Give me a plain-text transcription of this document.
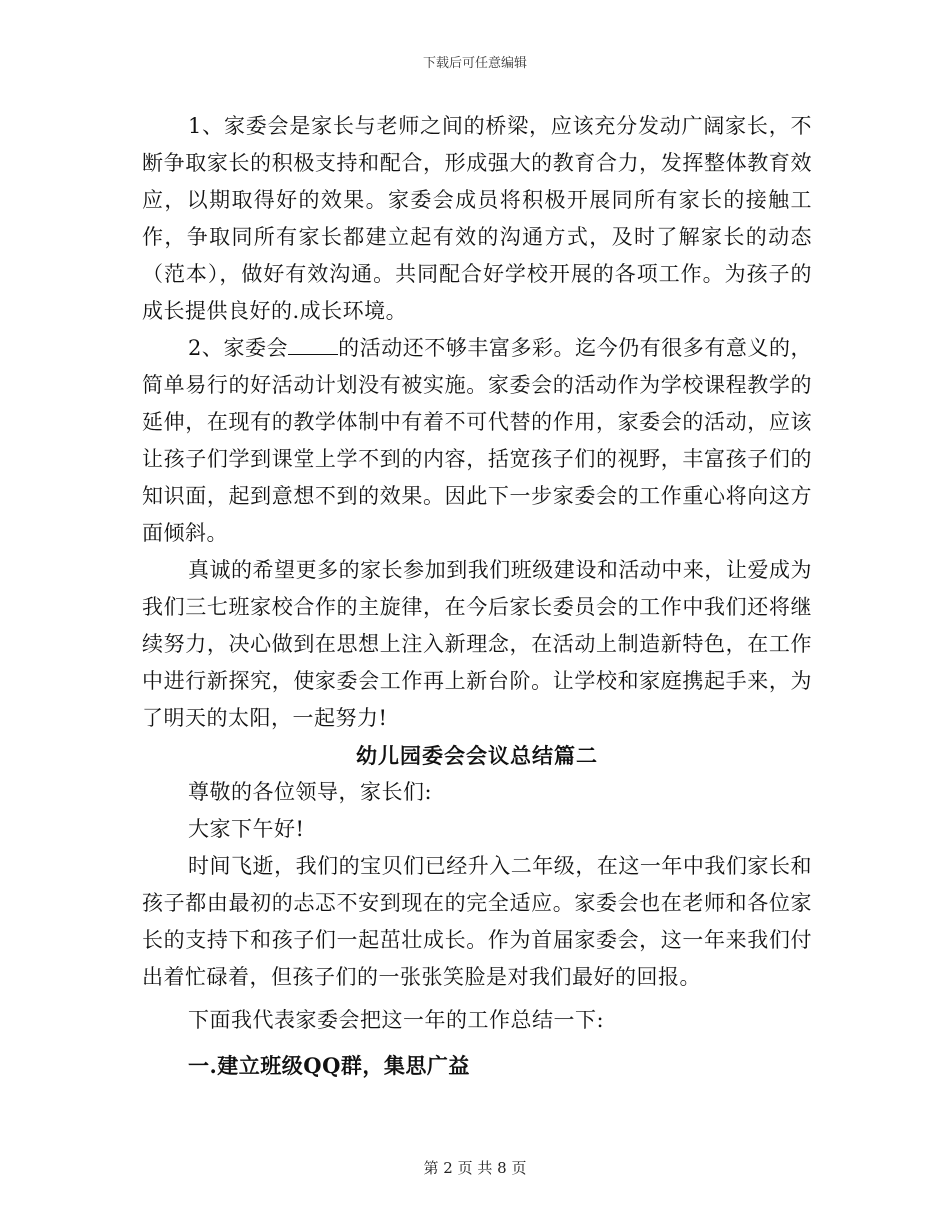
下载后可任意编辑

1、家委会是家长与老师之间的桥梁，应该充分发动广阔家长，不断争取家长的积极支持和配合，形成强大的教育合力，发挥整体教育效应，以期取得好的效果。家委会成员将积极开展同所有家长的接触工作，争取同所有家长都建立起有效的沟通方式，及时了解家长的动态（范本），做好有效沟通。共同配合好学校开展的各项工作。为孩子的成长提供良好的.成长环境。

2、家委会 的活动还不够丰富多彩。迄今仍有很多有意义的，简单易行的好活动计划没有被实施。家委会的活动作为学校课程教学的延伸，在现有的教学体制中有着不可代替的作用，家委会的活动，应该让孩子们学到课堂上学不到的内容，括宽孩子们的视野，丰富孩子们的知识面，起到意想不到的效果。因此下一步家委会的工作重心将向这方面倾斜。

真诚的希望更多的家长参加到我们班级建设和活动中来，让爱成为我们三七班家校合作的主旋律，在今后家长委员会的工作中我们还将继续努力，决心做到在思想上注入新理念，在活动上制造新特色，在工作中进行新探究，使家委会工作再上新台阶。让学校和家庭携起手来，为了明天的太阳，一起努力!

幼儿园委会会议总结篇二

尊敬的各位领导，家长们:

大家下午好!

时间飞逝，我们的宝贝们已经升入二年级，在这一年中我们家长和孩子都由最初的忐忑不安到现在的完全适应。家委会也在老师和各位家长的支持下和孩子们一起茁壮成长。作为首届家委会，这一年来我们付出着忙碌着，但孩子们的一张张笑脸是对我们最好的回报。

下面我代表家委会把这一年的工作总结一下:

一.建立班级QQ群，集思广益

第 2 页 共 8 页
